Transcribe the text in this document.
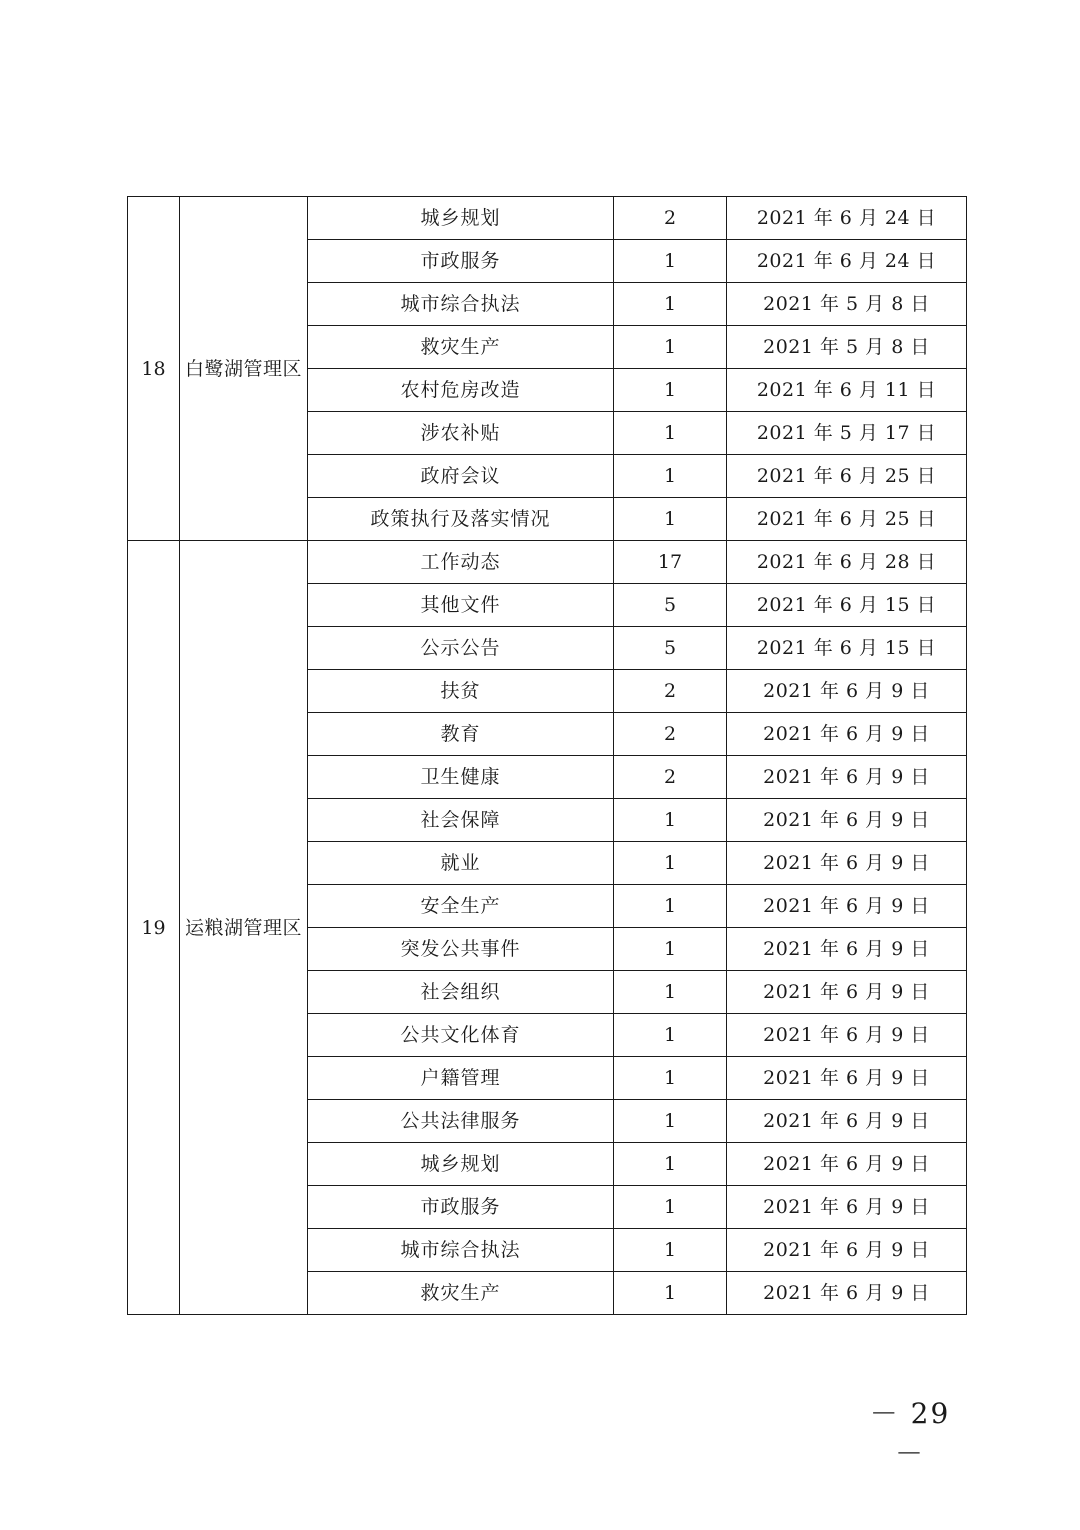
18	白鹭湖管理区	城乡规划	2	2021 年 6 月 24 日
		市政服务	1	2021 年 6 月 24 日
		城市综合执法	1	2021 年 5 月 8 日
		救灾生产	1	2021 年 5 月 8 日
		农村危房改造	1	2021 年 6 月 11 日
		涉农补贴	1	2021 年 5 月 17 日
		政府会议	1	2021 年 6 月 25 日
		政策执行及落实情况	1	2021 年 6 月 25 日
19	运粮湖管理区	工作动态	17	2021 年 6 月 28 日
		其他文件	5	2021 年 6 月 15 日
		公示公告	5	2021 年 6 月 15 日
		扶贫	2	2021 年 6 月 9 日
		教育	2	2021 年 6 月 9 日
		卫生健康	2	2021 年 6 月 9 日
		社会保障	1	2021 年 6 月 9 日
		就业	1	2021 年 6 月 9 日
		安全生产	1	2021 年 6 月 9 日
		突发公共事件	1	2021 年 6 月 9 日
		社会组织	1	2021 年 6 月 9 日
		公共文化体育	1	2021 年 6 月 9 日
		户籍管理	1	2021 年 6 月 9 日
		公共法律服务	1	2021 年 6 月 9 日
		城乡规划	1	2021 年 6 月 9 日
		市政服务	1	2021 年 6 月 9 日
		城市综合执法	1	2021 年 6 月 9 日
		救灾生产	1	2021 年 6 月 9 日
－ 29 －
